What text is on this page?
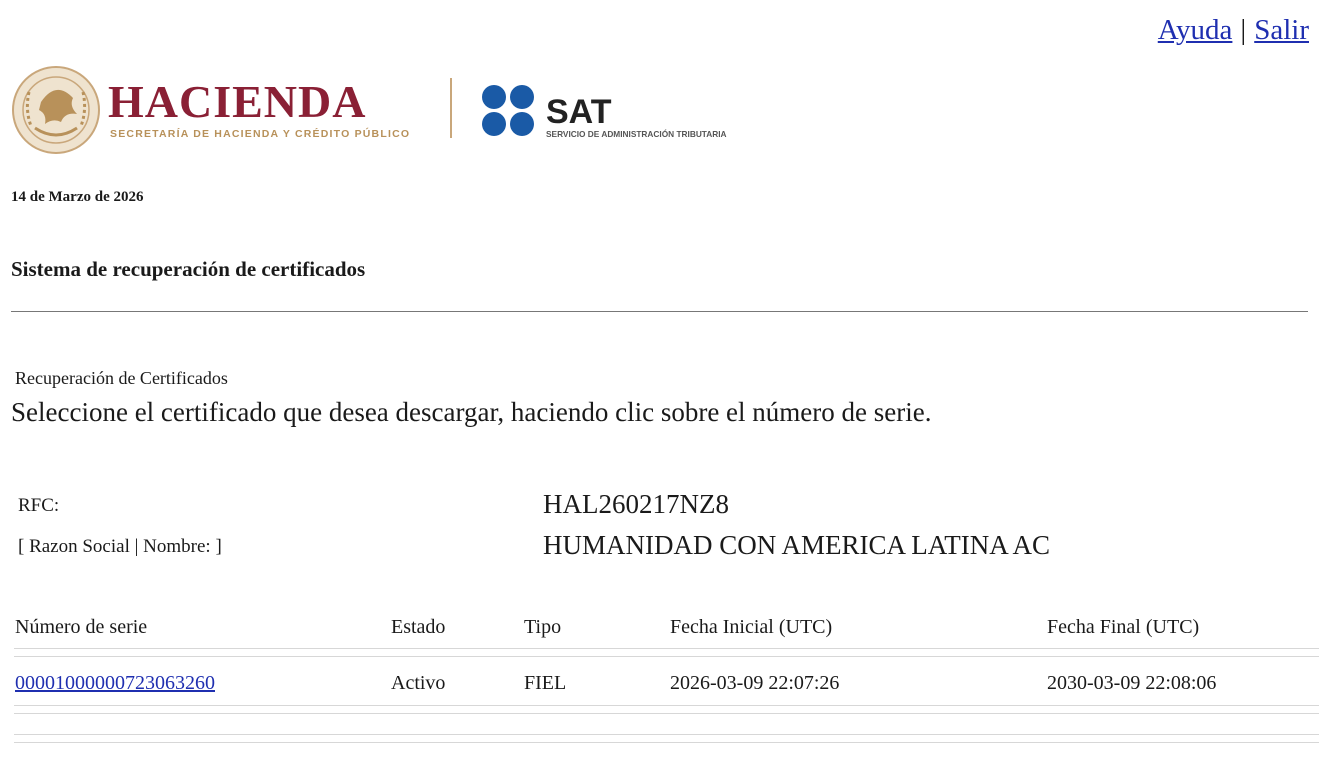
Ayuda | Salir
HACIENDA
SECRETARÍA DE HACIENDA Y CRÉDITO PÚBLICO
SAT
SERVICIO DE ADMINISTRACIÓN TRIBUTARIA
14 de Marzo de 2026
Sistema de recuperación de certificados
Recuperación de Certificados
Seleccione el certificado que desea descargar, haciendo clic sobre el número de serie.
RFC:	HAL260217NZ8
[ Razon Social | Nombre: ]	HUMANIDAD CON AMERICA LATINA AC
Número de serie	Estado	Tipo	Fecha Inicial (UTC)	Fecha Final (UTC)
00001000000723063260	Activo	FIEL	2026-03-09 22:07:26	2030-03-09 22:08:06
